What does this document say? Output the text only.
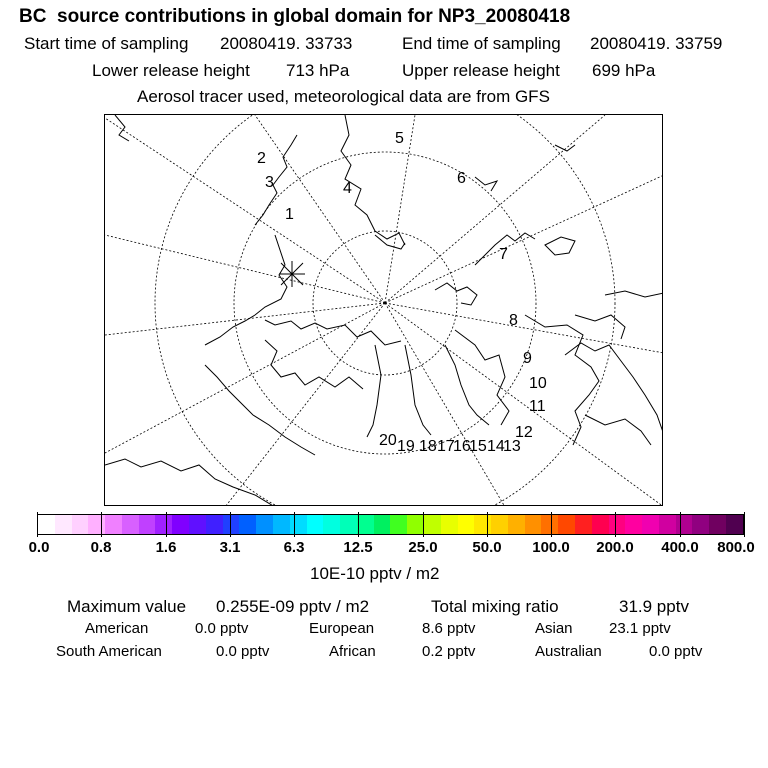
BC  source contributions in global domain for NP3_20080418
Start time of sampling 20080419. 33733	End time of sampling 20080419. 33759
Lower release height 713 hPa	Upper release height 699 hPa
Aerosol tracer used, meteorological data are from GFS
1
2
3	4
5
6
7
8
9
10
11
12
13
14
15
16
17
18
19
20
0.0	0.8	1.6	3.1	6.3	12.5 25.0 50.0 100.0 200.0 400.0 800.0
10E-10 pptv / m2
Maximum value 0.255E-09 pptv / m2	Total mixing ratio	31.9 pptv
American	0.0 pptv	European	8.6 pptv	Asian 23.1 pptv
South American	0.0 pptv	African	0.2 pptv	Australian	0.0 pptv
